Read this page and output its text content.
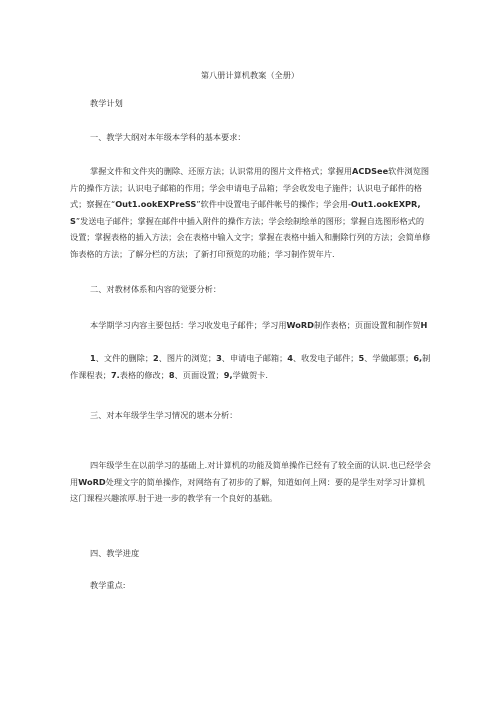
第八册计算机教案（全册）
教学计划
一、教学大纲对本年级本学科的基本要求：
掌握文件和文件夹的删除、还原方法；认识常用的图片文件格式；掌握用ACDSee软件浏览图片的操作方法；认识电子邮箱的作用；学会申请电子品箱；学会收发电子施件；认识电子邮件的格式；察握在“Out1.ookEXPreSS”软件中设置电子邮件帐号的操作；学会用-Out1.ookEXPR,S”发送电子邮件；掌握在邮件中插入附件的操作方法；学会绘制绘单的图形；掌握自选图形格式的设置；掌握表格的插入方法；会在表格中输入文字；掌握在表格中插入和删除行列的方法；会简单修饰表格的方法；了解分栏的方法；了新打印预览的功能；学习制作贺年片.
二、对教材体系和内容的觉要分析：
本学期学习内容主要包括：学习收发电子邮件；学习用WoRD制作表格；页面设置和制作贺H
1、文件的删除；2、图片的浏览；3、申请电子邮箱；4、收发电子邮件；5、学做邮票；6,制作课程表；7.表格的修改；8、页面设置；9,学做贺卡.
三、对本年级学生学习情况的堪本分析：
四年级学生在以前学习的基础上.对计算机的功能及简单操作已经有了较全面的认识.也已经学会用WoRD处理文字的简单操作，对网络有了初步的了解，知道如何上网：要的是学生对学习计算机这门课程兴趣浓厚.肘于进一步的教学有一个良好的基础。
四、教学进度
教学重点:
